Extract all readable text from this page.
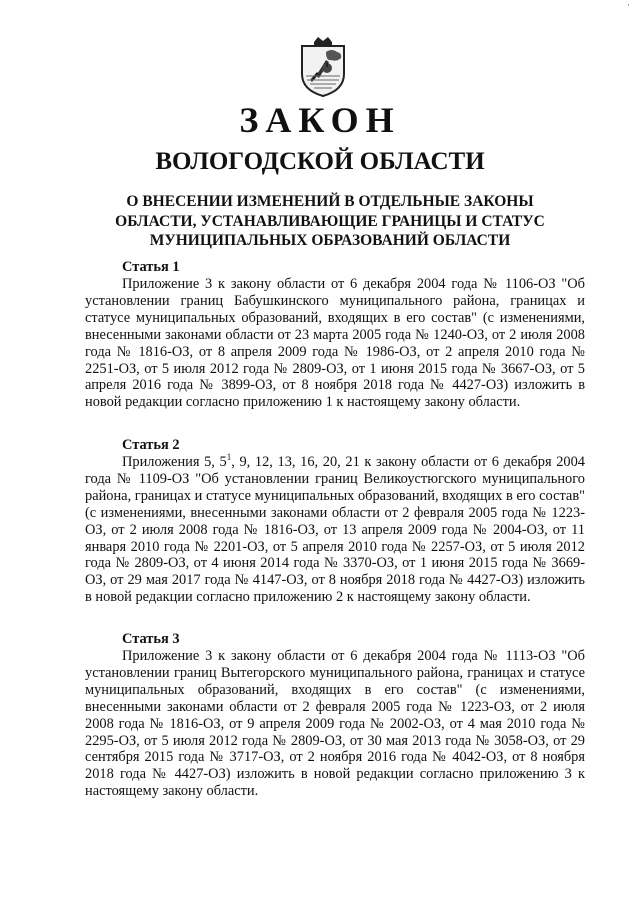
·
ЗАКОН
ВОЛОГОДСКОЙ ОБЛАСТИ
О ВНЕСЕНИИ ИЗМЕНЕНИЙ В ОТДЕЛЬНЫЕ ЗАКОНЫ ОБЛАСТИ, УСТАНАВЛИВАЮЩИЕ ГРАНИЦЫ И СТАТУС МУНИЦИПАЛЬНЫХ ОБРАЗОВАНИЙ ОБЛАСТИ
Статья 1

Приложение 3 к закону области от 6 декабря 2004 года № 1106-ОЗ "Об установлении границ Бабушкинского муниципального района, границах и статусе муниципальных образований, входящих в его состав" (с изменениями, внесенными законами области от 23 марта 2005 года № 1240-ОЗ, от 2 июля 2008 года № 1816-ОЗ, от 8 апреля 2009 года № 1986-ОЗ, от 2 апреля 2010 года № 2251-ОЗ, от 5 июля 2012 года № 2809-ОЗ, от 1 июня 2015 года № 3667-ОЗ, от 5 апреля 2016 года № 3899-ОЗ, от 8 ноября 2018 года № 4427-ОЗ) изложить в новой редакции согласно приложению 1 к настоящему закону области.

Статья 2

Приложения 5, $5^1$, 9, 12, 13, 16, 20, 21 к закону области от 6 декабря 2004 года № 1109-ОЗ "Об установлении границ Великоустюгского муниципального района, границах и статусе муниципальных образований, входящих в его состав" (с изменениями, внесенными законами области от 2 февраля 2005 года № 1223-ОЗ, от 2 июля 2008 года № 1816-ОЗ, от 13 апреля 2009 года № 2004-ОЗ, от 11 января 2010 года № 2201-ОЗ, от 5 апреля 2010 года № 2257-ОЗ, от 5 июля 2012 года № 2809-ОЗ, от 4 июня 2014 года № 3370-ОЗ, от 1 июня 2015 года № 3669-ОЗ, от 29 мая 2017 года № 4147-ОЗ, от 8 ноября 2018 года № 4427-ОЗ) изложить в новой редакции согласно приложению 2 к настоящему закону области.

Статья 3

Приложение 3 к закону области от 6 декабря 2004 года № 1113-ОЗ "Об установлении границ Вытегорского муниципального района, границах и статусе муниципальных образований, входящих в его состав" (с изменениями, внесенными законами области от 2 февраля 2005 года № 1223-ОЗ, от 2 июля 2008 года № 1816-ОЗ, от 9 апреля 2009 года № 2002-ОЗ, от 4 мая 2010 года № 2295-ОЗ, от 5 июля 2012 года № 2809-ОЗ, от 30 мая 2013 года № 3058-ОЗ, от 29 сентября 2015 года № 3717-ОЗ, от 2 ноября 2016 года № 4042-ОЗ, от 8 ноября 2018 года № 4427-ОЗ) изложить в новой редакции согласно приложению 3 к настоящему закону области.
